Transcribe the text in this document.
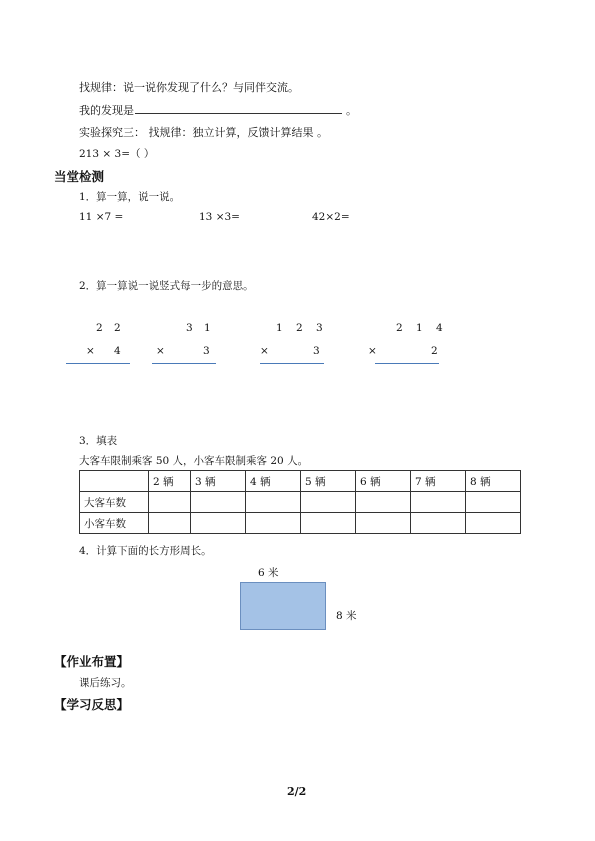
找规律：说一说你发现了什么？与同伴交流。
我的发现是	。
实验探究三： 找规律：独立计算，反馈计算结果 。
213 × 3=（ ）
当堂检测
1．算一算，说一说。
11 ×7 =	13 ×3=	42×2=
2．算一算说一说竖式每一步的意思。
2 2
× 4
3 1
×	3
1 2 3
×	3
2 1 4
×	2
3．填表
大客车限制乘客 50 人，小客车限制乘客 20 人。
	2 辆	3 辆	4 辆	5 辆	6 辆	7 辆	8 辆
大客车数							
小客车数							
4．计算下面的长方形周长。
6 米
8 米
【作业布置】
课后练习。
【学习反思】
2/2
